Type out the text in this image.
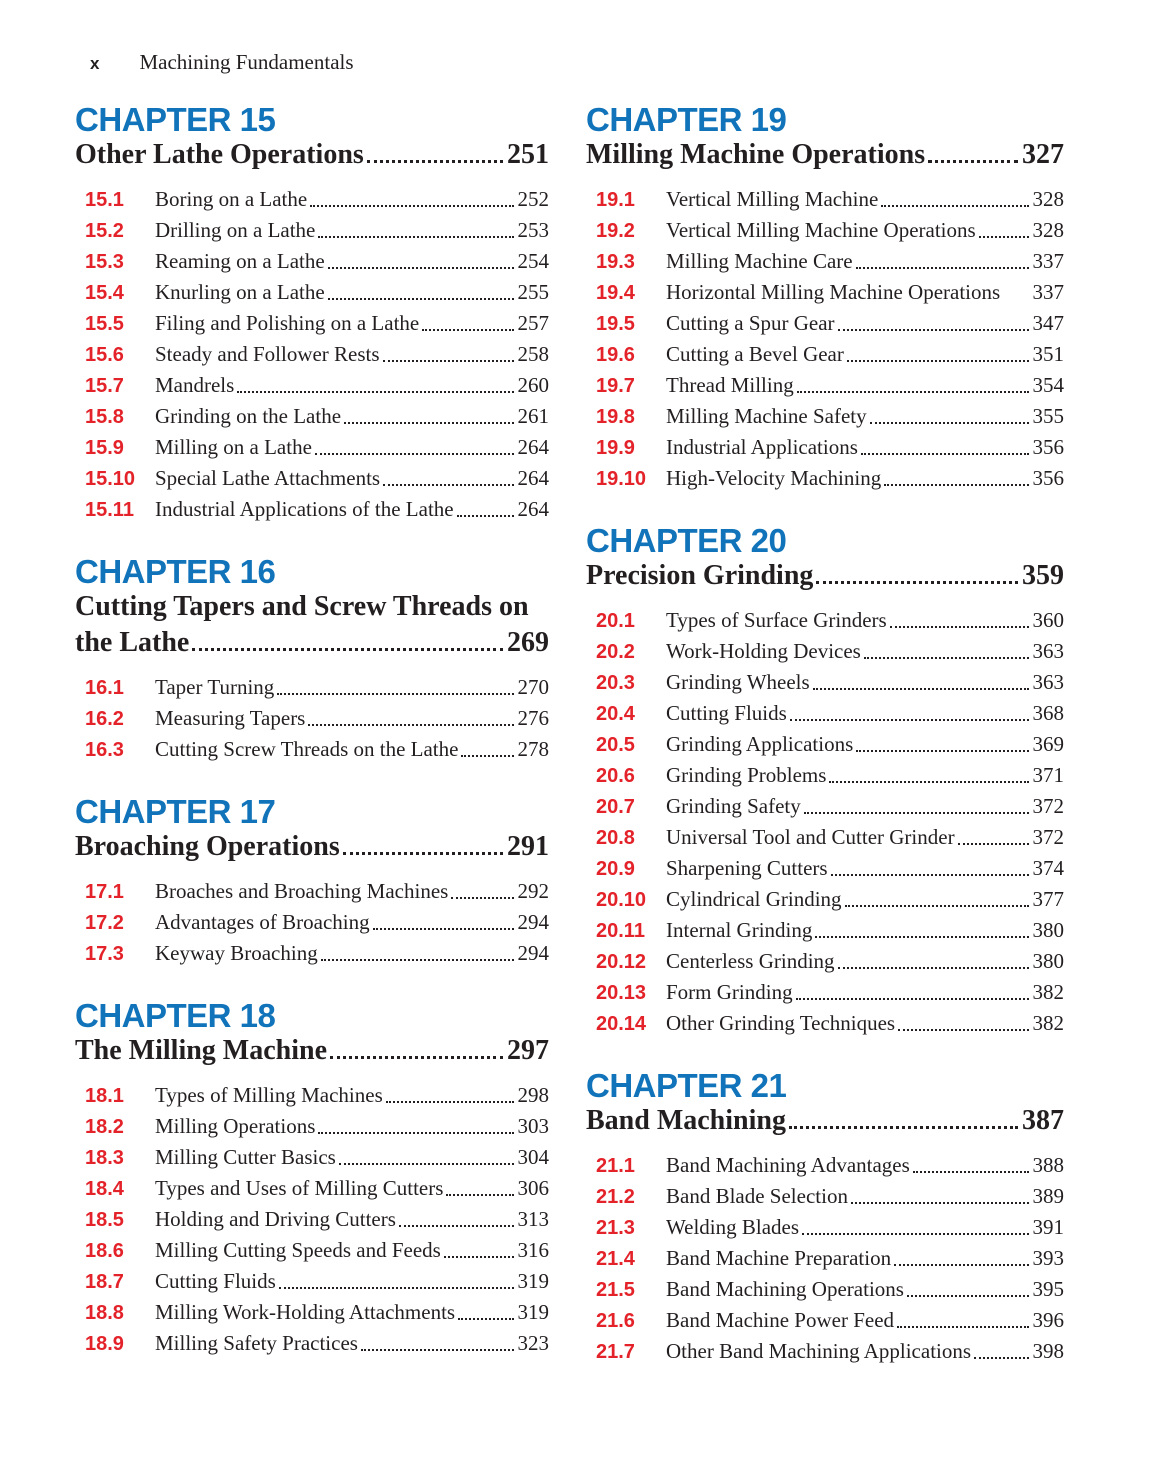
x Machining Fundamentals
CHAPTER 15
Other Lathe Operations	251
15.1	Boring on a Lathe	252
15.2	Drilling on a Lathe	253
15.3	Reaming on a Lathe	254
15.4	Knurling on a Lathe	255
15.5	Filing and Polishing on a Lathe	257
15.6	Steady and Follower Rests	258
15.7	Mandrels	260
15.8	Grinding on the Lathe	261
15.9	Milling on a Lathe	264
15.10 Special Lathe Attachments	264
15.11	Industrial Applications of the Lathe	264
CHAPTER 16
Cutting Tapers and Screw Threads on
the Lathe	269
16.1	Taper Turning	270
16.2	Measuring Tapers	276
16.3	Cutting Screw Threads on the Lathe	278
CHAPTER 17
Broaching Operations	291
17.1	Broaches and Broaching Machines	292
17.2	Advantages of Broaching	294
17.3	Keyway Broaching	294
CHAPTER 18
The Milling Machine	297
18.1	Types of Milling Machines	298
18.2	Milling Operations	303
18.3	Milling Cutter Basics	304
18.4	Types and Uses of Milling Cutters	306
18.5	Holding and Driving Cutters	313
18.6	Milling Cutting Speeds and Feeds	316
18.7	Cutting Fluids	319
18.8	Milling Work-Holding Attachments	319
18.9	Milling Safety Practices	323
CHAPTER 19
Milling Machine Operations	327
19.1	Vertical Milling Machine	328
19.2	Vertical Milling Machine Operations	328
19.3	Milling Machine Care	337
19.4	Horizontal Milling Machine Operations 337
19.5	Cutting a Spur Gear	347
19.6	Cutting a Bevel Gear	351
19.7	Thread Milling	354
19.8	Milling Machine Safety	355
19.9	Industrial Applications	356
19.10 High-Velocity Machining	356
CHAPTER 20
Precision Grinding	359
20.1	Types of Surface Grinders	360
20.2	Work-Holding Devices	363
20.3	Grinding Wheels	363
20.4	Cutting Fluids	368
20.5	Grinding Applications	369
20.6	Grinding Problems	371
20.7	Grinding Safety	372
20.8	Universal Tool and Cutter Grinder	372
20.9	Sharpening Cutters	374
20.10 Cylindrical Grinding	377
20.11	Internal Grinding	380
20.12 Centerless Grinding	380
20.13 Form Grinding	382
20.14 Other Grinding Techniques	382
CHAPTER 21
Band Machining	387
21.1	Band Machining Advantages	388
21.2	Band Blade Selection	389
21.3	Welding Blades	391
21.4	Band Machine Preparation	393
21.5	Band Machining Operations	395
21.6	Band Machine Power Feed	396
21.7	Other Band Machining Applications	398
